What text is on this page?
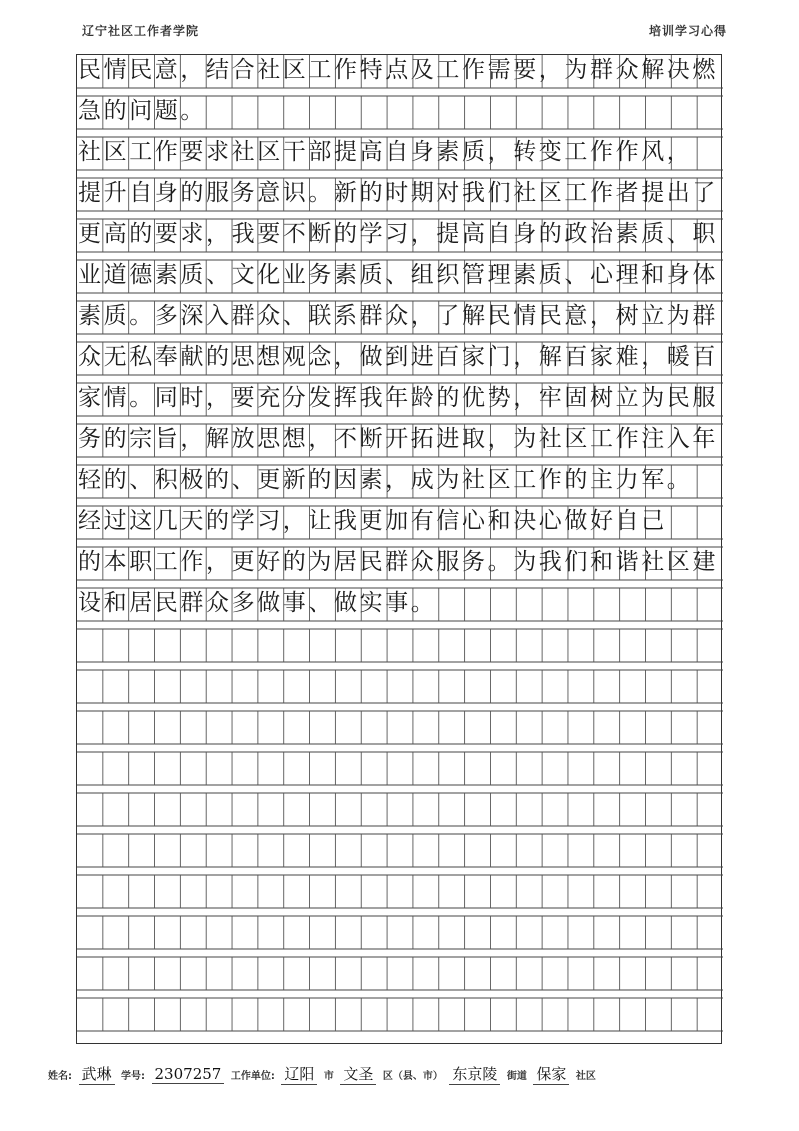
辽宁社区工作者学院	培训学习心得
民情民意，结合社区工作特点及工作需要，为群众解决燃
急的问题。
社区工作要求社区干部提高自身素质，转变工作作风，
提升自身的服务意识。新的时期对我们社区工作者提出了
更高的要求，我要不断的学习，提高自身的政治素质、职
业道德素质、文化业务素质、组织管理素质、心理和身体
素质。多深入群众、联系群众，了解民情民意，树立为群
众无私奉献的思想观念，做到进百家门，解百家难，暖百
家情。同时，要充分发挥我年龄的优势，牢固树立为民服
务的宗旨，解放思想，不断开拓进取，为社区工作注入年
轻的、积极的、更新的因素，成为社区工作的主力军。
经过这几天的学习，让我更加有信心和决心做好自己
的本职工作，更好的为居民群众服务。为我们和谐社区建
设和居民群众多做事、做实事。
姓名: 武琳 学号: 2307257 工作单位: 辽阳 市 文圣 区（县、市） 东京陵 街道 保家 社区
